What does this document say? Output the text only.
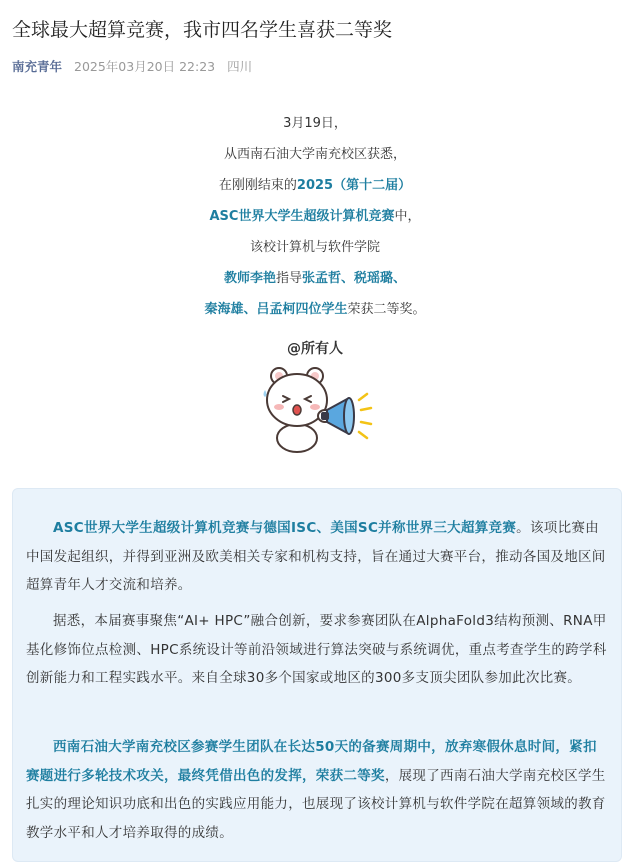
全球最大超算竞赛，我市四名学生喜获二等奖
南充青年 2025年03月20日 22:23 四川
3月19日，
从西南石油大学南充校区获悉，
在刚刚结束的2025（第十二届）
ASC世界大学生超级计算机竞赛中，
该校计算机与软件学院
教师李艳指导张孟哲、税瑶璐、
秦海雄、吕孟柯四位学生荣获二等奖。
@所有人

ASC世界大学生超级计算机竞赛与德国ISC、美国SC并称世界三大超算竞赛。该项比赛由中国发起组织，并得到亚洲及欧美相关专家和机构支持，旨在通过大赛平台，推动各国及地区间超算青年人才交流和培养。

据悉，本届赛事聚焦“AI+ HPC”融合创新，要求参赛团队在AlphaFold3结构预测、RNA甲基化修饰位点检测、HPC系统设计等前沿领域进行算法突破与系统调优，重点考查学生的跨学科创新能力和工程实践水平。来自全球30多个国家或地区的300多支顶尖团队参加此次比赛。

西南石油大学南充校区参赛学生团队在长达50天的备赛周期中，放弃寒假休息时间，紧扣赛题进行多轮技术攻关，最终凭借出色的发挥，荣获二等奖，展现了西南石油大学南充校区学生扎实的理论知识功底和出色的实践应用能力，也展现了该校计算机与软件学院在超算领域的教育教学水平和人才培养取得的成绩。
